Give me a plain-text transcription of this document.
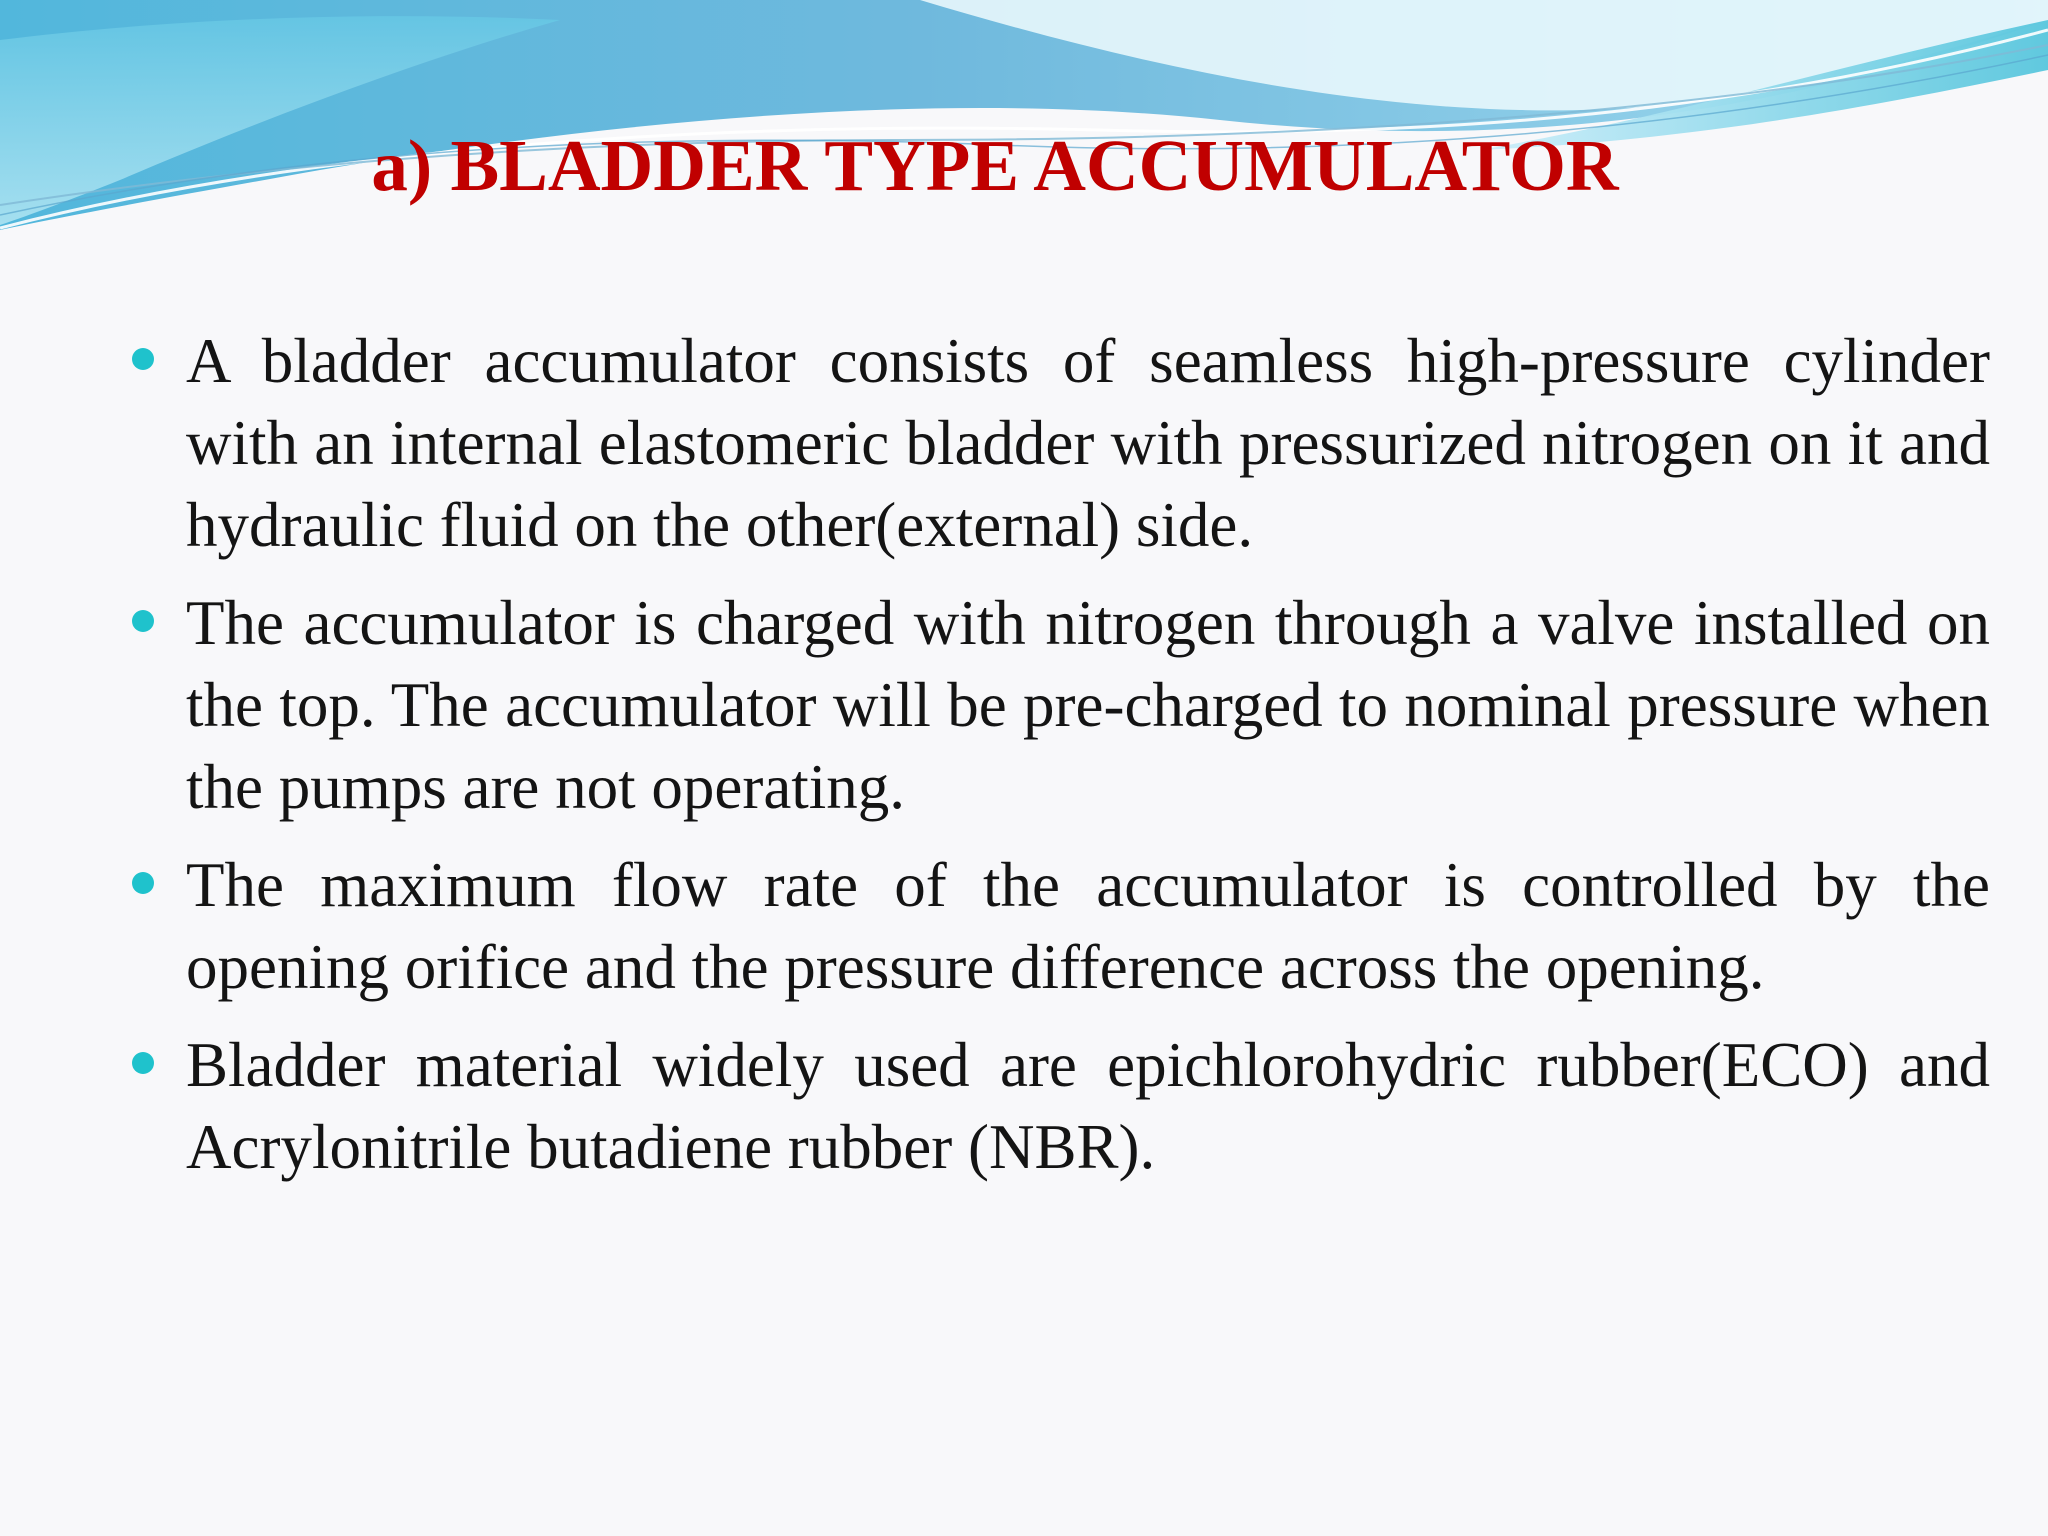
a) BLADDER TYPE ACCUMULATOR
A bladder accumulator consists of seamless high-pressure cylinder with an internal elastomeric bladder with pressurized nitrogen on it and hydraulic fluid on the other(external) side.
The accumulator is charged with nitrogen through a valve installed on the top. The accumulator will be pre-charged to nominal pressure when the pumps are not operating.
The maximum flow rate of the accumulator is controlled by the opening orifice and the pressure difference across the opening.
Bladder material widely used are epichlorohydric rubber(ECO) and Acrylonitrile butadiene rubber (NBR).
